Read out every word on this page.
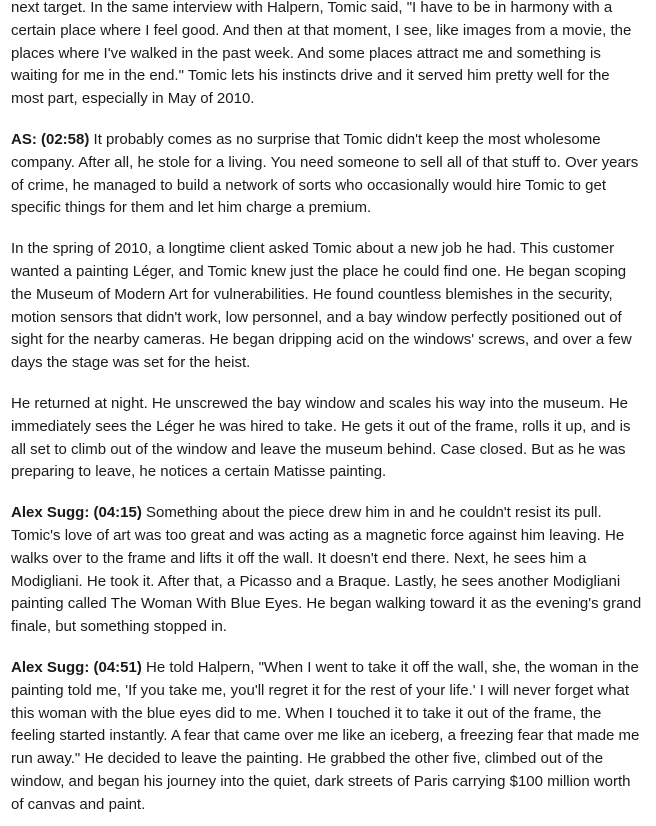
next target. In the same interview with Halpern, Tomic said, "I have to be in harmony with a certain place where I feel good. And then at that moment, I see, like images from a movie, the places where I've walked in the past week. And some places attract me and something is waiting for me in the end." Tomic lets his instincts drive and it served him pretty well for the most part, especially in May of 2010.

AS: (02:58) It probably comes as no surprise that Tomic didn't keep the most wholesome company. After all, he stole for a living. You need someone to sell all of that stuff to. Over years of crime, he managed to build a network of sorts who occasionally would hire Tomic to get specific things for them and let him charge a premium.

In the spring of 2010, a longtime client asked Tomic about a new job he had. This customer wanted a painting Léger, and Tomic knew just the place he could find one. He began scoping the Museum of Modern Art for vulnerabilities. He found countless blemishes in the security, motion sensors that didn't work, low personnel, and a bay window perfectly positioned out of sight for the nearby cameras. He began dripping acid on the windows' screws, and over a few days the stage was set for the heist.

He returned at night. He unscrewed the bay window and scales his way into the museum. He immediately sees the Léger he was hired to take. He gets it out of the frame, rolls it up, and is all set to climb out of the window and leave the museum behind. Case closed. But as he was preparing to leave, he notices a certain Matisse painting.

Alex Sugg: (04:15) Something about the piece drew him in and he couldn't resist its pull. Tomic's love of art was too great and was acting as a magnetic force against him leaving. He walks over to the frame and lifts it off the wall. It doesn't end there. Next, he sees him a Modigliani. He took it. After that, a Picasso and a Braque. Lastly, he sees another Modigliani painting called The Woman With Blue Eyes. He began walking toward it as the evening's grand finale, but something stopped in.

Alex Sugg: (04:51) He told Halpern, "When I went to take it off the wall, she, the woman in the painting told me, 'If you take me, you'll regret it for the rest of your life.' I will never forget what this woman with the blue eyes did to me. When I touched it to take it out of the frame, the feeling started instantly. A fear that came over me like an iceberg, a freezing fear that made me run away." He decided to leave the painting. He grabbed the other five, climbed out of the window, and began his journey into the quiet, dark streets of Paris carrying $100 million worth of canvas and paint.
